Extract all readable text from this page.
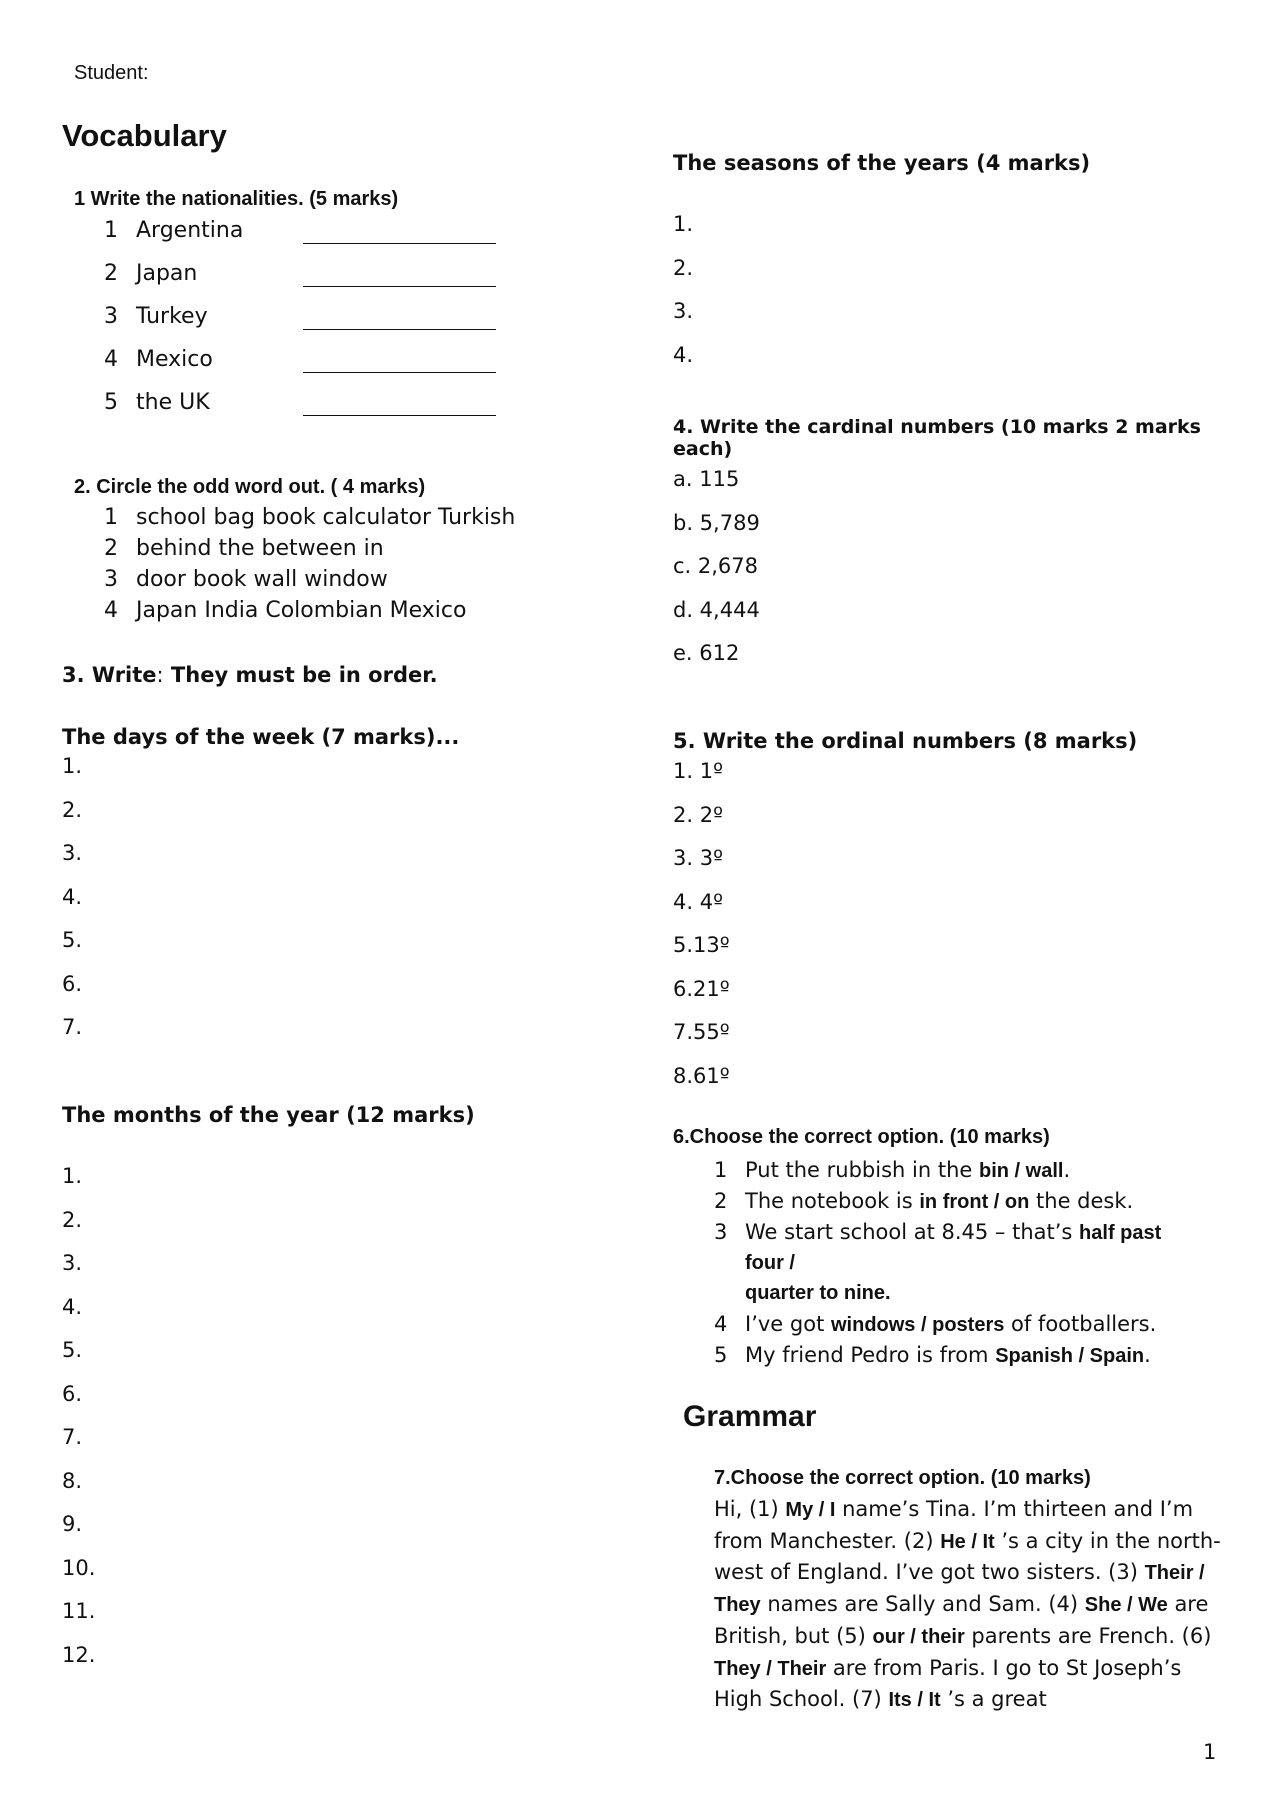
Student:
Vocabulary
1 Write the nationalities. (5 marks)
1 Argentina
2 Japan
3 Turkey
4 Mexico
5 the UK
2. Circle the odd word out. ( 4 marks)
1 school bag book calculator Turkish
2 behind the between in
3 door book wall window
4 Japan India Colombian Mexico
3. Write: They must be in order.
The days of the week (7 marks)...
1.
2.
3.
4.
5.
6.
7.
The months of the year (12 marks)
1.
2.
3.
4.
5.
6.
7.
8.
9.
10.
11.
12.
The seasons of the years (4 marks)
1.
2.
3.
4.
4. Write the cardinal numbers (10 marks 2 marks each)
a. 115
b. 5,789
c. 2,678
d. 4,444
e. 612
5. Write the ordinal numbers (8 marks)
1. 1º
2. 2º
3. 3º
4. 4º
5.13º
6.21º
7.55º
8.61º
6.Choose the correct option. (10 marks)
1 Put the rubbish in the bin / wall.
2 The notebook is in front / on the desk.
3 We start school at 8.45 – that’s half past
4 I’ve got windows / posters of footballers.
5 My friend Pedro is from Spanish / Spain.
four /
quarter to nine.
Grammar
7.Choose the correct option. (10 marks)
Hi, (1) My / I name’s Tina. I’m thirteen and I’m from Manchester. (2) He / It ’s a city in the north-west of England. I’ve got two sisters. (3) Their / They names are Sally and Sam. (4) She / We are British, but (5) our / their parents are French. (6) They / Their are from Paris. I go to St Joseph’s High School. (7) Its / It ’s a great
1
